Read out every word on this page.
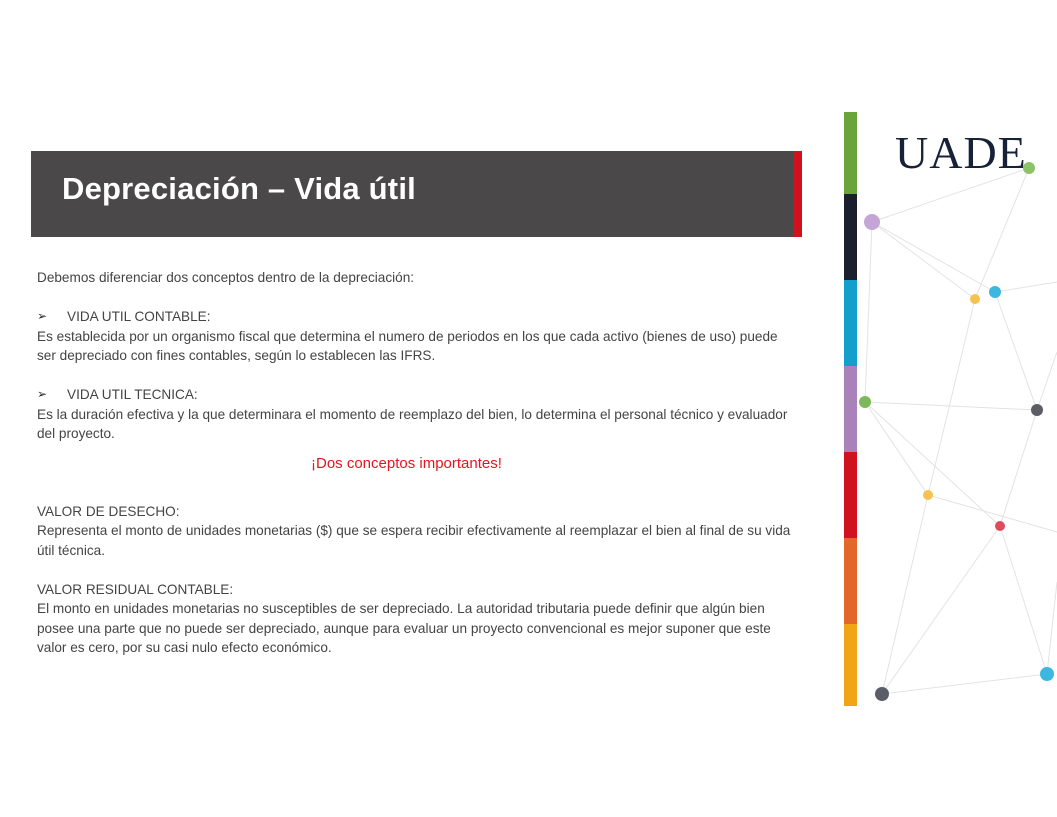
Depreciación – Vida útil

Debemos diferenciar dos conceptos dentro de la depreciación:

➢	VIDA UTIL CONTABLE:

Es establecida por un organismo fiscal que determina el numero de periodos en los que cada activo (bienes de uso) puede ser depreciado con fines contables, según lo establecen las IFRS.

➢	VIDA UTIL TECNICA:

Es la duración efectiva y la que determinara el momento de reemplazo del bien, lo determina el personal técnico y evaluador del proyecto.

¡Dos conceptos importantes!

VALOR DE DESECHO:

Representa el monto de unidades monetarias ($) que se espera recibir efectivamente al reemplazar el bien al final de su vida útil técnica.

VALOR RESIDUAL CONTABLE:

El monto en unidades monetarias no susceptibles de ser depreciado. La autoridad tributaria puede definir que algún bien posee una parte que no puede ser depreciado, aunque para evaluar un proyecto convencional es mejor suponer que este valor es cero, por su casi nulo efecto económico.

UADE
